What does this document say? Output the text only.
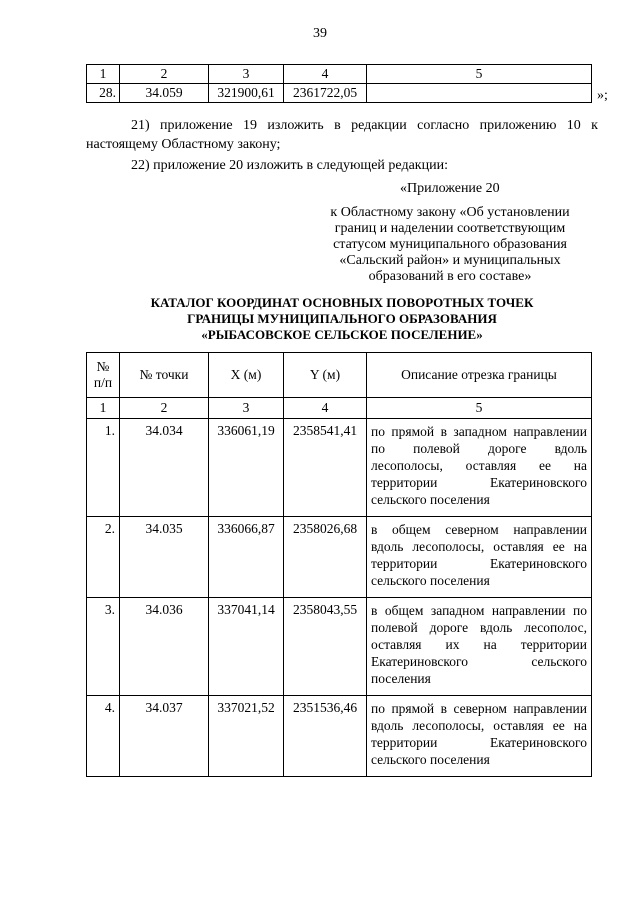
39
1	2	3	4	5
28.	34.059	321900,61	2361722,05		»;
21) приложение 19 изложить в редакции согласно приложению 10 к настоящему Областному закону;
22) приложение 20 изложить в следующей редакции:
«Приложение 20
к Областному закону «Об установлении
границ и наделении соответствующим
статусом муниципального образования
«Сальский район» и муниципальных
образований в его составе»
КАТАЛОГ КООРДИНАТ ОСНОВНЫХ ПОВОРОТНЫХ ТОЧЕК
ГРАНИЦЫ МУНИЦИПАЛЬНОГО ОБРАЗОВАНИЯ
«РЫБАСОВСКОЕ СЕЛЬСКОЕ ПОСЕЛЕНИЕ»
№ п/п	№ точки	X (м)	Y (м)	Описание отрезка границы
1	2	3	4	5
1.	34.034	336061,19	2358541,41	по прямой в западном направлении по полевой дороге вдоль лесополосы, оставляя ее на территории Екатериновского сельского поселения
2.	34.035	336066,87	2358026,68	в общем северном направлении вдоль лесополосы, оставляя ее на территории Екатериновского сельского поселения
3.	34.036	337041,14	2358043,55	в общем западном направлении по полевой дороге вдоль лесополос, оставляя их на территории Екатериновского сельского поселения
4.	34.037	337021,52	2351536,46	по прямой в северном направлении вдоль лесополосы, оставляя ее на территории Екатериновского сельского поселения
